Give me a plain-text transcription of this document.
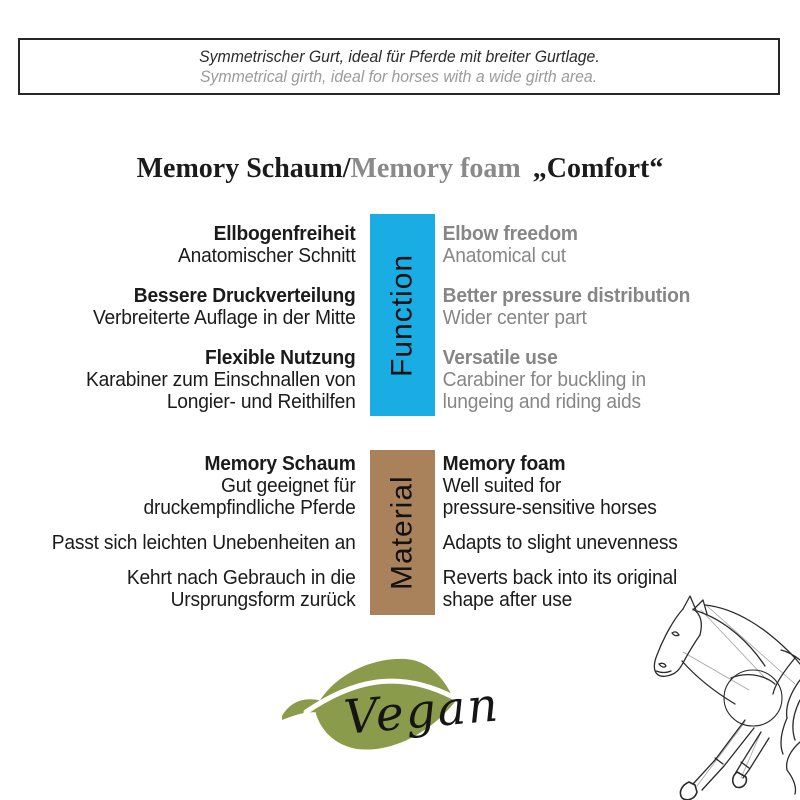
Symmetrischer Gurt, ideal für Pferde mit breiter Gurtlage.
Symmetrical girth, ideal for horses with a wide girth area.
Memory Schaum/Memory foam „Comfort“
Ellbogenfreiheit
Anatomischer Schnitt
Bessere Druckverteilung
Verbreiterte Auflage in der Mitte
Flexible Nutzung
Karabiner zum Einschnallen von
Longier- und Reithilfen
Function
Elbow freedom
Anatomical cut
Better pressure distribution
Wider center part
Versatile use
Carabiner for buckling in
lungeing and riding aids
Memory Schaum
Gut geeignet für
druckempfindliche Pferde
Passt sich leichten Unebenheiten an
Kehrt nach Gebrauch in die
Ursprungsform zurück
Material
Memory foam
Well suited for
pressure-sensitive horses
Adapts to slight unevenness
Reverts back into its original
shape after use
Vegan
